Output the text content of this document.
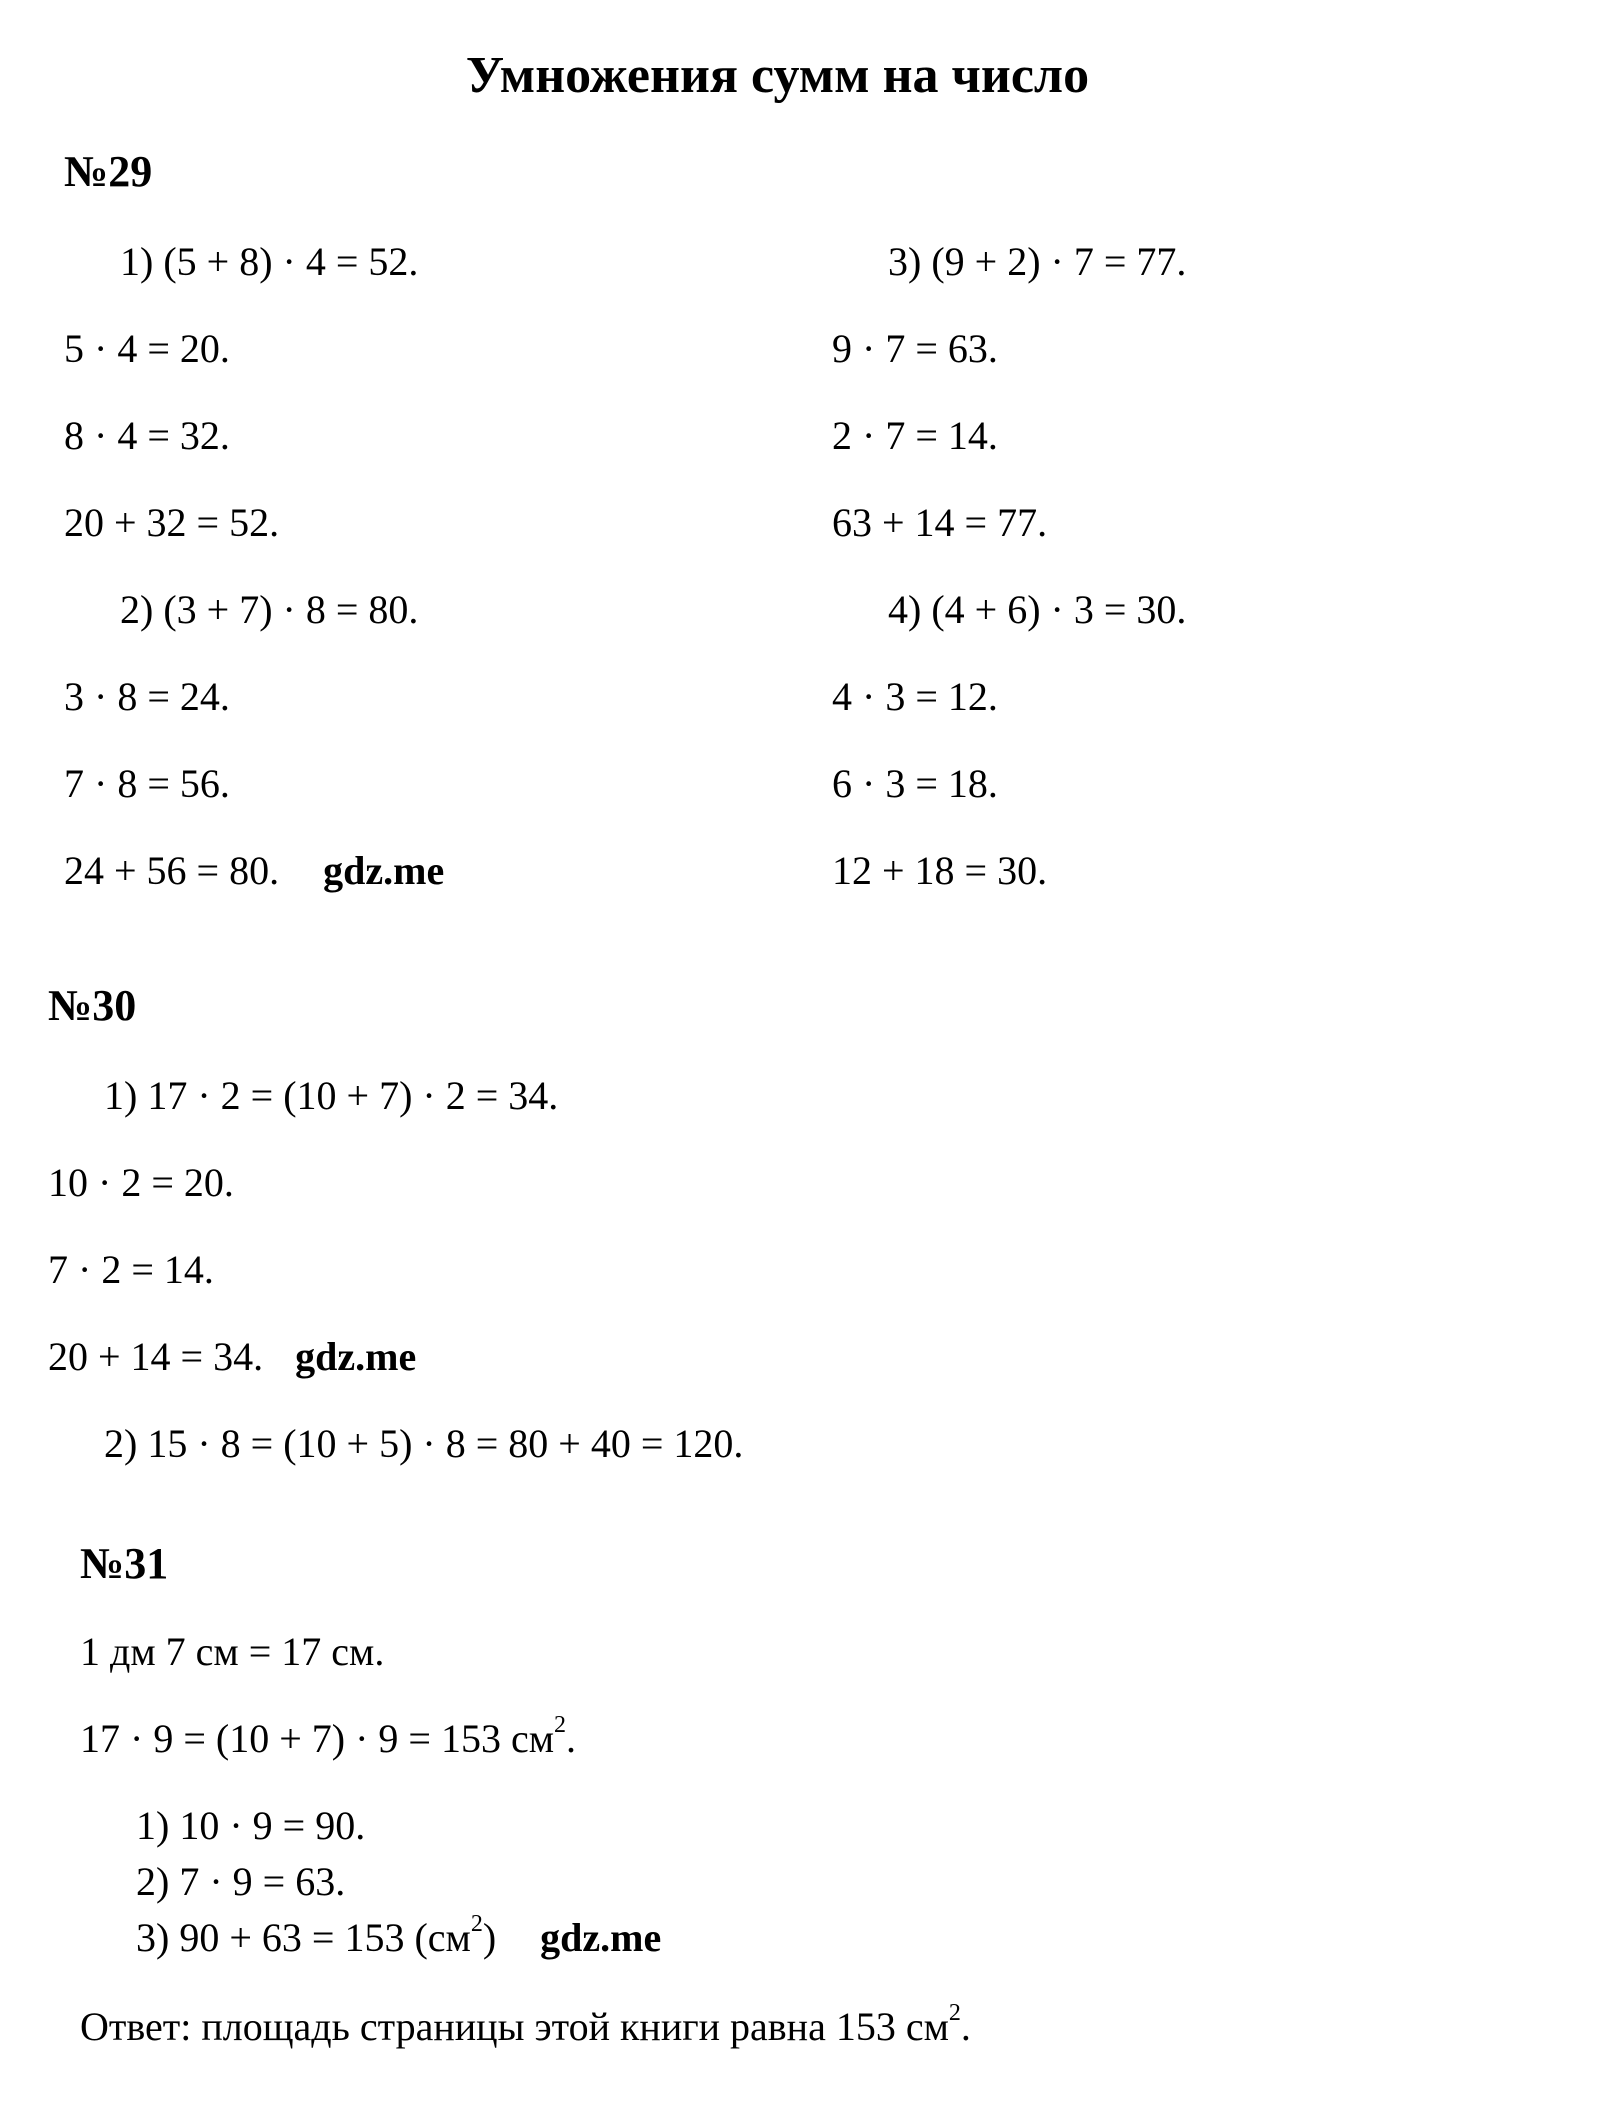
Умножения сумм на число
№29
1) (5 + 8) · 4 = 52.
5 · 4 = 20.
8 · 4 = 32.
20 + 32 = 52.
2) (3 + 7) · 8 = 80.
3 · 8 = 24.
7 · 8 = 56.
24 + 56 = 80. gdz.me
3) (9 + 2) · 7 = 77.
9 · 7 = 63.
2 · 7 = 14.
63 + 14 = 77.
4) (4 + 6) · 3 = 30.
4 · 3 = 12.
6 · 3 = 18.
12 + 18 = 30.
№30
1) 17 · 2 = (10 + 7) · 2 = 34.
10 · 2 = 20.
7 · 2 = 14.
20 + 14 = 34. gdz.me
2) 15 · 8 = (10 + 5) · 8 = 80 + 40 = 120.
№31
1 дм 7 см = 17 см.
17 · 9 = (10 + 7) · 9 = 153 $см^2$.
1) 10 · 9 = 90.
2) 7 · 9 = 63.
3) 90 + 63 = 153 $(см^2)$ gdz.me
Ответ: площадь страницы этой книги равна 153 $см^2$.
